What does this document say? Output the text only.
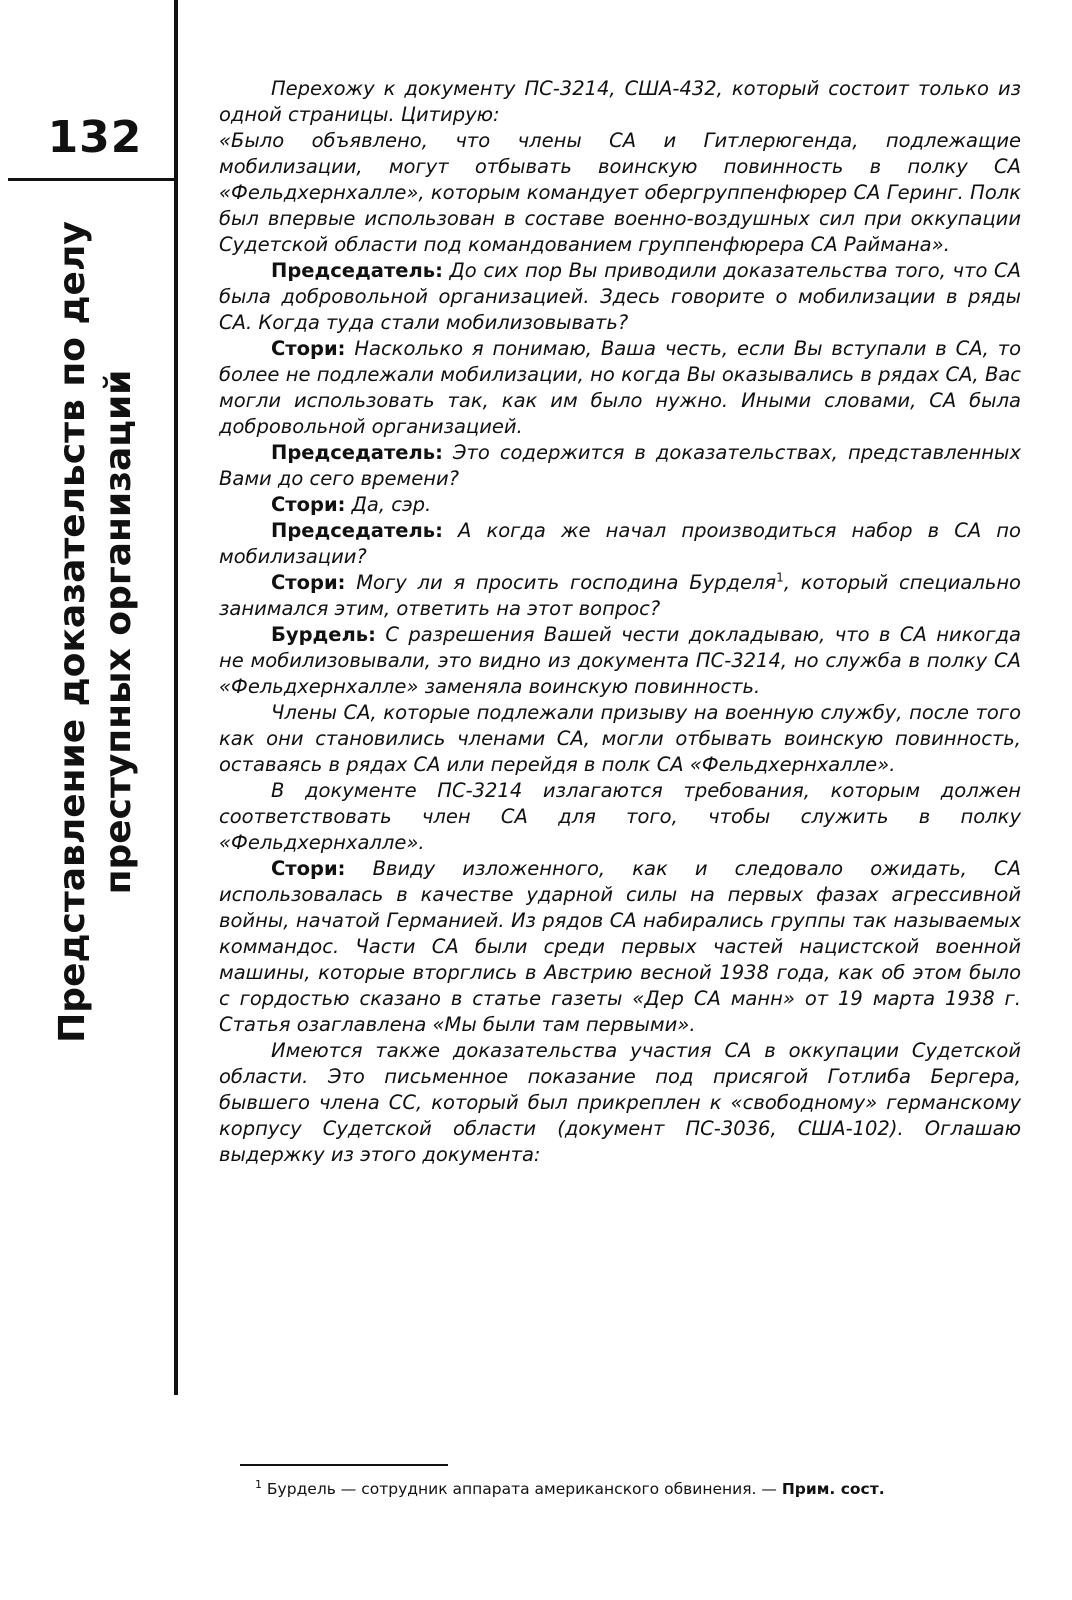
132
Представление доказательств по делу преступных организаций

Перехожу к документу ПС-3214, США-432, который состоит только из одной страницы. Цитирую:

«Было объявлено, что члены СА и Гитлерюгенда, подлежащие мобилизации, могут отбывать воинскую повинность в полку СА «Фельдхернхалле», которым командует обергруппенфюрер СА Геринг. Полк был впервые использован в составе военно-воздушных сил при оккупации Судетской области под командованием группенфюрера СА Раймана».

Председатель: До сих пор Вы приводили доказательства того, что СА была добровольной организацией. Здесь говорите о мобилизации в ряды СА. Когда туда стали мобилизовывать?

Стори: Насколько я понимаю, Ваша честь, если Вы вступали в СА, то более не подлежали мобилизации, но когда Вы оказывались в рядах СА, Вас могли использовать так, как им было нужно. Иными словами, СА была добровольной организацией.

Председатель: Это содержится в доказательствах, представленных Вами до сего времени?

Стори: Да, сэр.

Председатель: А когда же начал производиться набор в СА по мобилизации?

Стори: Могу ли я просить господина Бурделя$^1$, который специально занимался этим, ответить на этот вопрос?

Бурдель: С разрешения Вашей чести докладываю, что в СА никогда не мобилизовывали, это видно из документа ПС-3214, но служба в полку СА «Фельдхернхалле» заменяла воинскую повинность.

Члены СА, которые подлежали призыву на военную службу, после того как они становились членами СА, могли отбывать воинскую повинность, оставаясь в рядах СА или перейдя в полк СА «Фельдхернхалле».

В документе ПС-3214 излагаются требования, которым должен соответствовать член СА для того, чтобы служить в полку «Фельдхернхалле».

Стори: Ввиду изложенного, как и следовало ожидать, СА использовалась в качестве ударной силы на первых фазах агрессивной войны, начатой Германией. Из рядов СА набирались группы так называемых коммандос. Части СА были среди первых частей нацистской военной машины, которые вторглись в Австрию весной 1938 года, как об этом было с гордостью сказано в статье газеты «Дер СА манн» от 19 марта 1938 г. Статья озаглавлена «Мы были там первыми».

Имеются также доказательства участия СА в оккупации Судетской области. Это письменное показание под присягой Готлиба Бергера, бывшего члена СС, который был прикреплен к «свободному» германскому корпусу Судетской области (документ ПС-3036, США-102). Оглашаю выдержку из этого документа:

$^1$ Бурдель — сотрудник аппарата американского обвинения. — Прим. сост.
